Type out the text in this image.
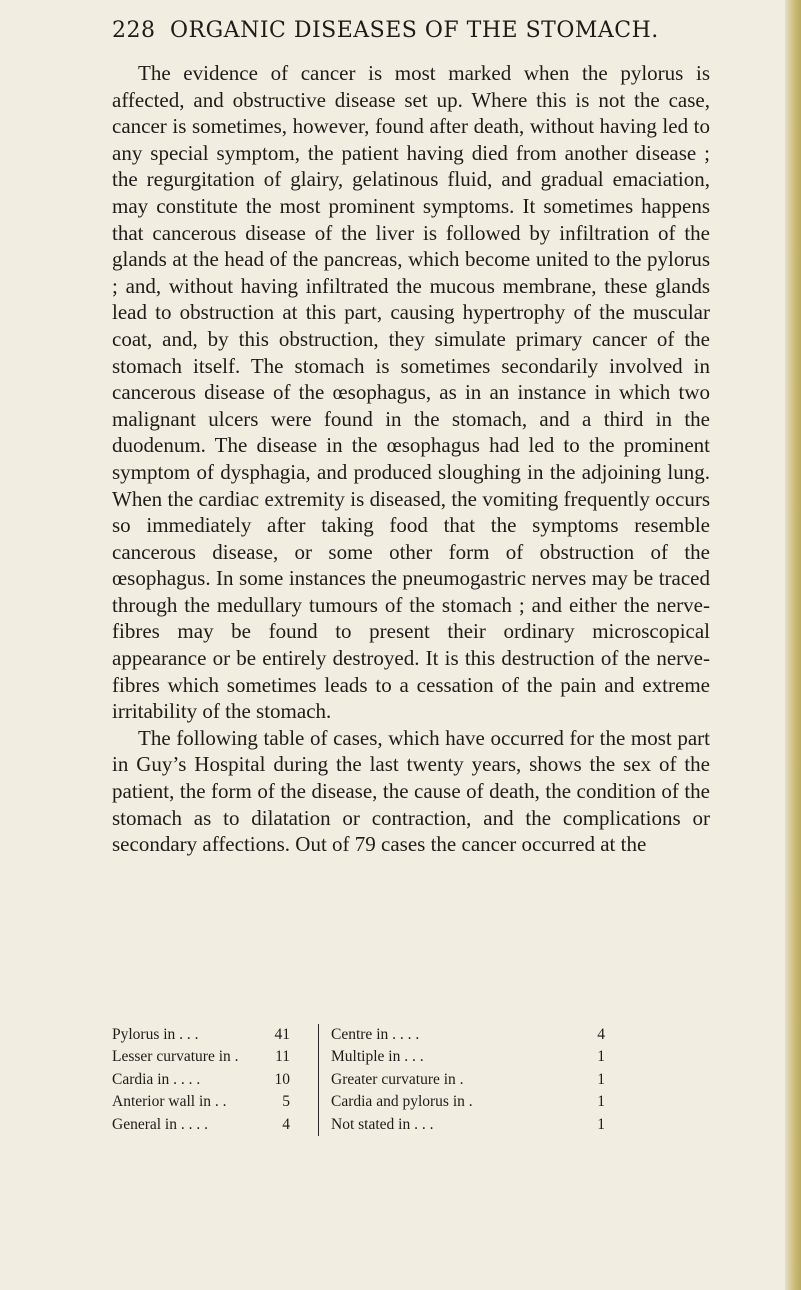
228 ORGANIC DISEASES OF THE STOMACH.

The evidence of cancer is most marked when the pylorus is affected, and obstructive disease set up. Where this is not the case, cancer is sometimes, however, found after death, without having led to any special symptom, the patient having died from another disease ; the regurgitation of glairy, gelatinous fluid, and gradual emaciation, may constitute the most prominent symptoms. It sometimes happens that cancerous disease of the liver is followed by infiltration of the glands at the head of the pancreas, which become united to the pylorus ; and, without having infiltrated the mucous membrane, these glands lead to obstruction at this part, causing hypertrophy of the muscular coat, and, by this obstruction, they simulate primary cancer of the stomach itself. The stomach is sometimes secondarily involved in cancerous disease of the œsophagus, as in an instance in which two malignant ulcers were found in the stomach, and a third in the duodenum. The disease in the œsophagus had led to the prominent symptom of dysphagia, and produced sloughing in the adjoining lung. When the cardiac extremity is diseased, the vomiting frequently occurs so immediately after taking food that the symptoms resemble cancerous disease, or some other form of obstruction of the œsophagus. In some instances the pneumogastric nerves may be traced through the medullary tumours of the stomach ; and either the nerve-fibres may be found to present their ordinary microscopical appearance or be entirely destroyed. It is this destruction of the nerve-fibres which sometimes leads to a cessation of the pain and extreme irritability of the stomach.

The following table of cases, which have occurred for the most part in Guy’s Hospital during the last twenty years, shows the sex of the patient, the form of the disease, the cause of death, the condition of the stomach as to dilatation or contraction, and the complications or secondary affections. Out of 79 cases the cancer occurred at the

Pylorus in . . .	41
Lesser curvature in .	11
Cardia in . . . .	10
Anterior wall in . .	5
General in . . . .	4
Centre in . . . .	4
Multiple in . . .	1
Greater curvature in .	1
Cardia and pylorus in .	1
Not stated in . . .	1
